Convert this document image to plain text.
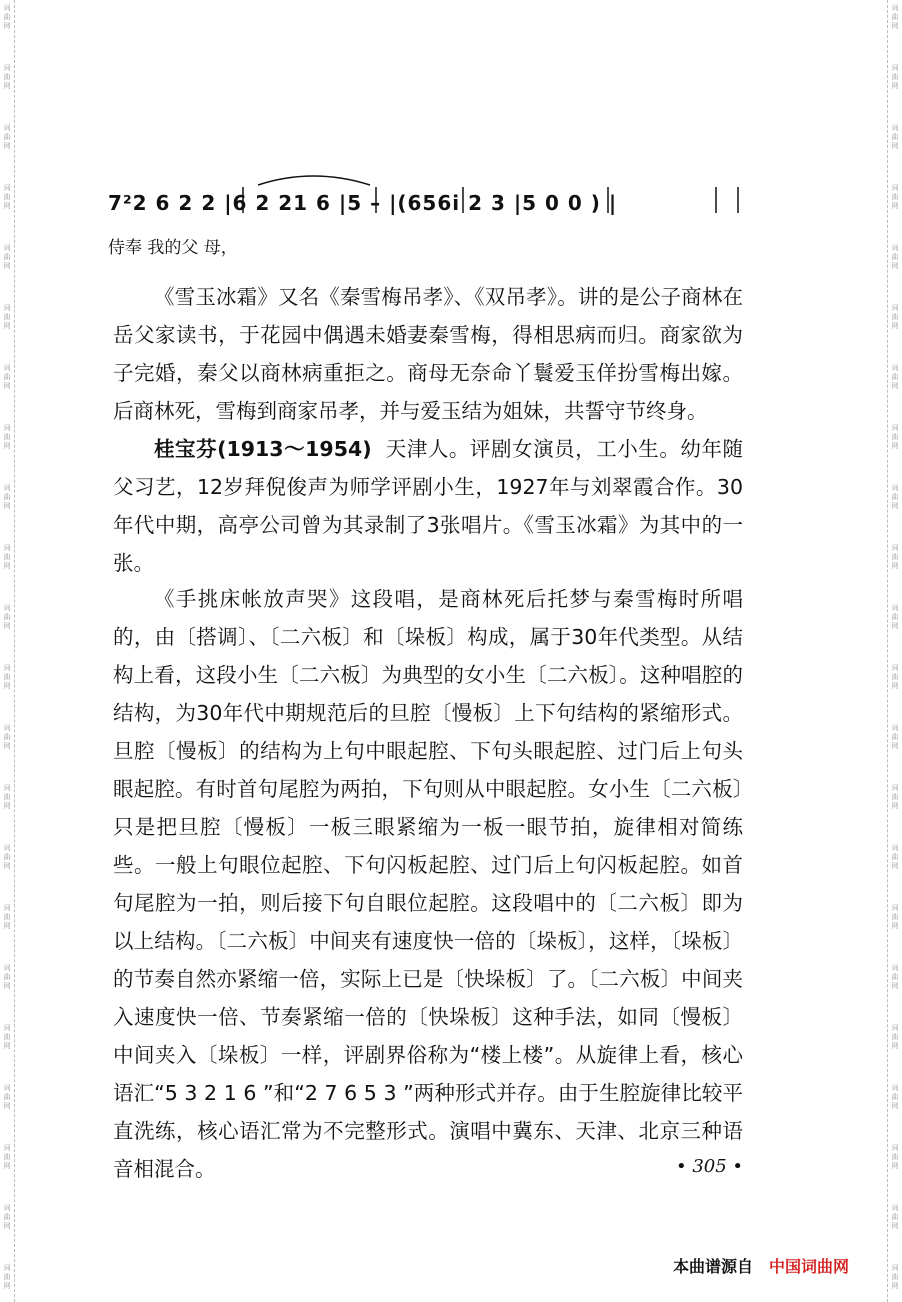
词
曲
网
词
曲
网
词
曲
网
词
曲
网
词
曲
网
词
曲
网
词
曲
网
词
曲
网
词
曲
网
词
曲
网
词
曲
网
词
曲
网
词
曲
网
词
曲
网
词
曲
网
词
曲
网
词
曲
网
词
曲
网
词
曲
网
词
曲
网
词
曲
网
词
曲
网
词
曲
网
词
曲
网
词
曲
网
词
曲
网
词
曲
网
词
曲
网
词
曲
网
词
曲
网
词
曲
网
词
曲
网
词
曲
网
词
曲
网
词
曲
网
词
曲
网
词
曲
网
词
曲
网
词
曲
网
词
曲
网
词
曲
网
词
曲
网
词
曲
网
词
曲
网
7²2 6 2 2 |6 2 21 6 |5 – |(656i 2 3 |5 0 0 ) |
侍奉 我的父 母，

《雪玉冰霜》又名《秦雪梅吊孝》、《双吊孝》。讲的是公子商林在岳父家读书，于花园中偶遇未婚妻秦雪梅，得相思病而归。商家欲为子完婚，秦父以商林病重拒之。商母无奈命丫鬟爱玉佯扮雪梅出嫁。后商林死，雪梅到商家吊孝，并与爱玉结为姐妹，共誓守节终身。

桂宝芬(1913～1954) 天津人。评剧女演员，工小生。幼年随父习艺，12岁拜倪俊声为师学评剧小生，1927年与刘翠霞合作。30年代中期，高亭公司曾为其录制了3张唱片。《雪玉冰霜》为其中的一张。

《手挑床帐放声哭》这段唱，是商林死后托梦与秦雪梅时所唱的，由〔搭调〕、〔二六板〕和〔垛板〕构成，属于30年代类型。从结构上看，这段小生〔二六板〕为典型的女小生〔二六板〕。这种唱腔的结构，为30年代中期规范后的旦腔〔慢板〕上下句结构的紧缩形式。旦腔〔慢板〕的结构为上句中眼起腔、下句头眼起腔、过门后上句头眼起腔。有时首句尾腔为两拍，下句则从中眼起腔。女小生〔二六板〕只是把旦腔〔慢板〕一板三眼紧缩为一板一眼节拍，旋律相对简练些。一般上句眼位起腔、下句闪板起腔、过门后上句闪板起腔。如首句尾腔为一拍，则后接下句自眼位起腔。这段唱中的〔二六板〕即为以上结构。〔二六板〕中间夹有速度快一倍的〔垛板〕，这样，〔垛板〕的节奏自然亦紧缩一倍，实际上已是〔快垛板〕了。〔二六板〕中间夹入速度快一倍、节奏紧缩一倍的〔快垛板〕这种手法，如同〔慢板〕中间夹入〔垛板〕一样，评剧界俗称为“楼上楼”。从旋律上看，核心语汇“5 3 2 1 6 ”和“2 7 6 5 3 ”两种形式并存。由于生腔旋律比较平直洗练，核心语汇常为不完整形式。演唱中冀东、天津、北京三种语音相混合。	• 305 •
本曲谱源自 中国词曲网
